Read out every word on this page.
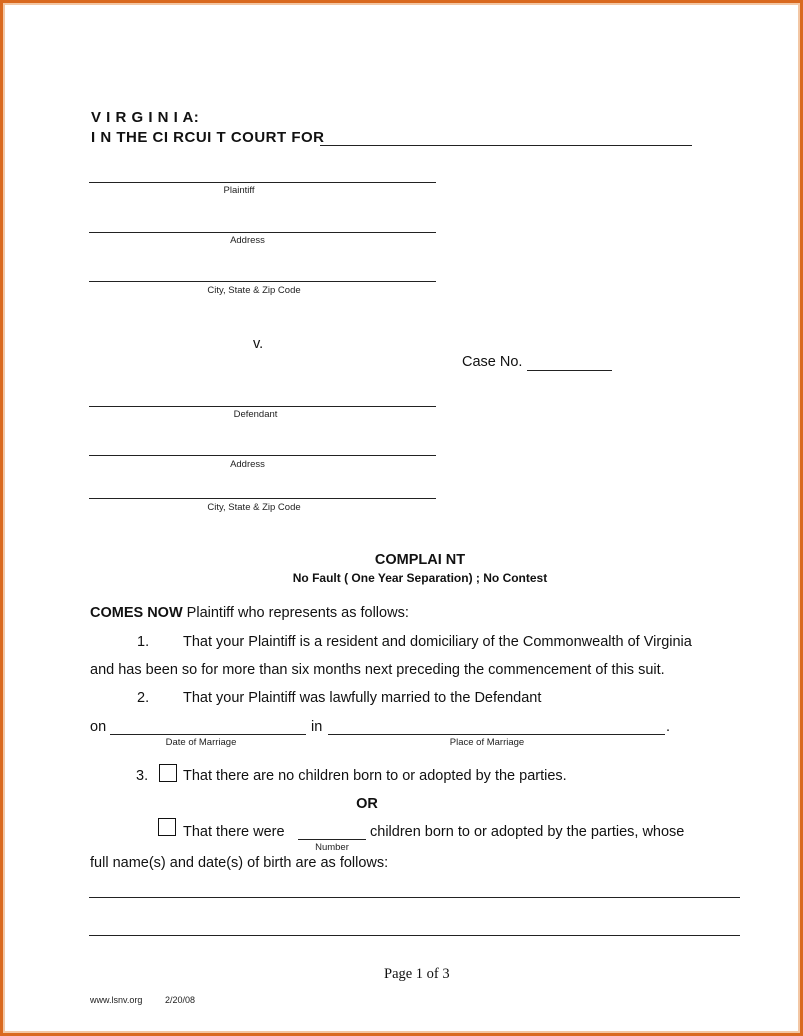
V I R G I N I A:
I N THE CI RCUI T COURT FOR
Plaintiff
Address
City, State & Zip Code
v.
Case No.
Defendant
Address
City, State & Zip Code
COMPLAI NT
No Fault ( One Year Separation) ; No Contest
COMES NOW Plaintiff who represents as follows:
1. That your Plaintiff is a resident and domiciliary of the Commonwealth of Virginia
and has been so for more than six months next preceding the commencement of this suit.
2. That your Plaintiff was lawfully married to the Defendant
on	in	.
Date of Marriage	Place of Marriage
3. That there are no children born to or adopted by the parties.
OR
That there were	children born to or adopted by the parties, whose
Number
full name(s) and date(s) of birth are as follows:
Page 1 of 3
www.lsnv.org	2/20/08
